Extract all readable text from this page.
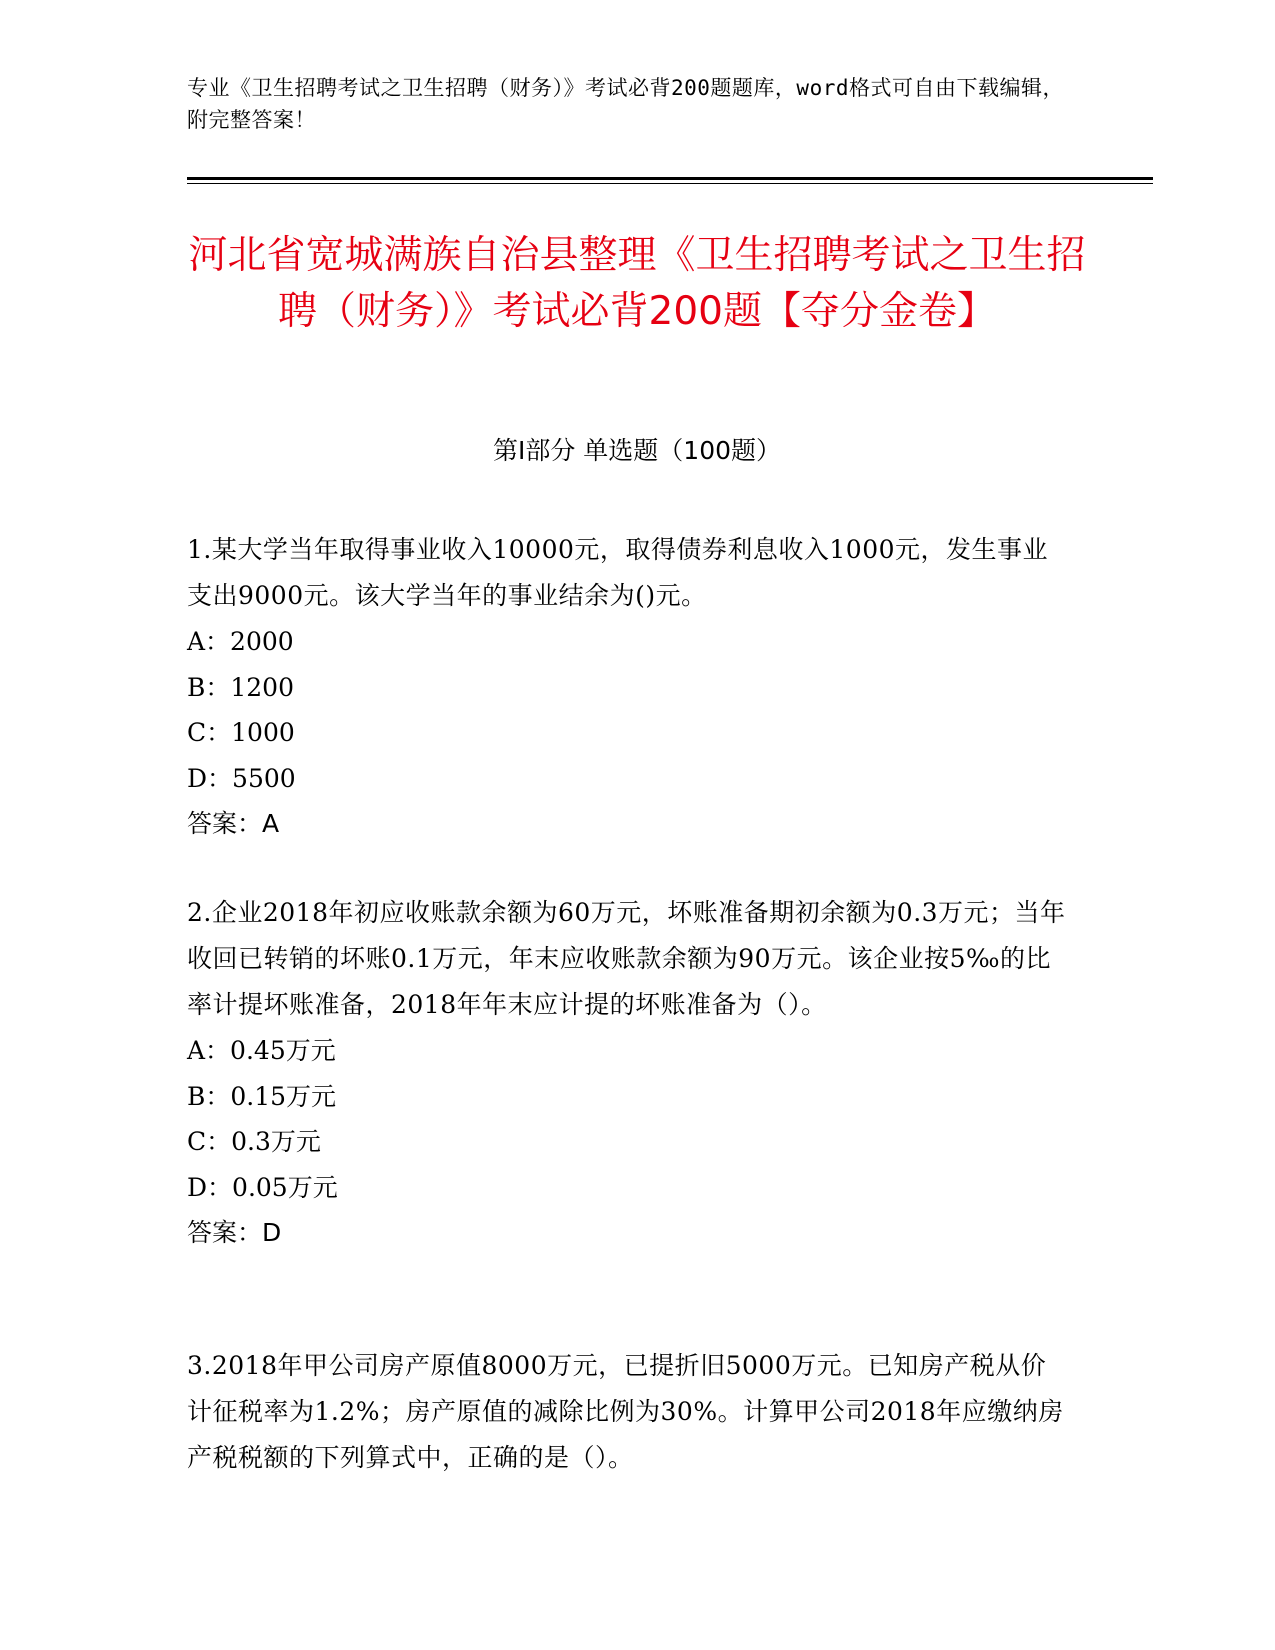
专业《卫生招聘考试之卫生招聘（财务）》考试必背200题题库，word格式可自由下载编辑，附完整答案！
河北省宽城满族自治县整理《卫生招聘考试之卫生招聘（财务）》考试必背200题【夺分金卷】
第Ⅰ部分 单选题（100题）
1.某大学当年取得事业收入10000元，取得债券利息收入1000元，发生事业支出9000元。该大学当年的事业结余为()元。
A：2000
B：1200
C：1000
D：5500
答案：A
2.企业2018年初应收账款余额为60万元，坏账准备期初余额为0.3万元；当年收回已转销的坏账0.1万元，年末应收账款余额为90万元。该企业按5‰的比率计提坏账准备，2018年年末应计提的坏账准备为（）。
A：0.45万元
B：0.15万元
C：0.3万元
D：0.05万元
答案：D
3.2018年甲公司房产原值8000万元，已提折旧5000万元。已知房产税从价计征税率为1.2%；房产原值的减除比例为30%。计算甲公司2018年应缴纳房产税税额的下列算式中，正确的是（）。
